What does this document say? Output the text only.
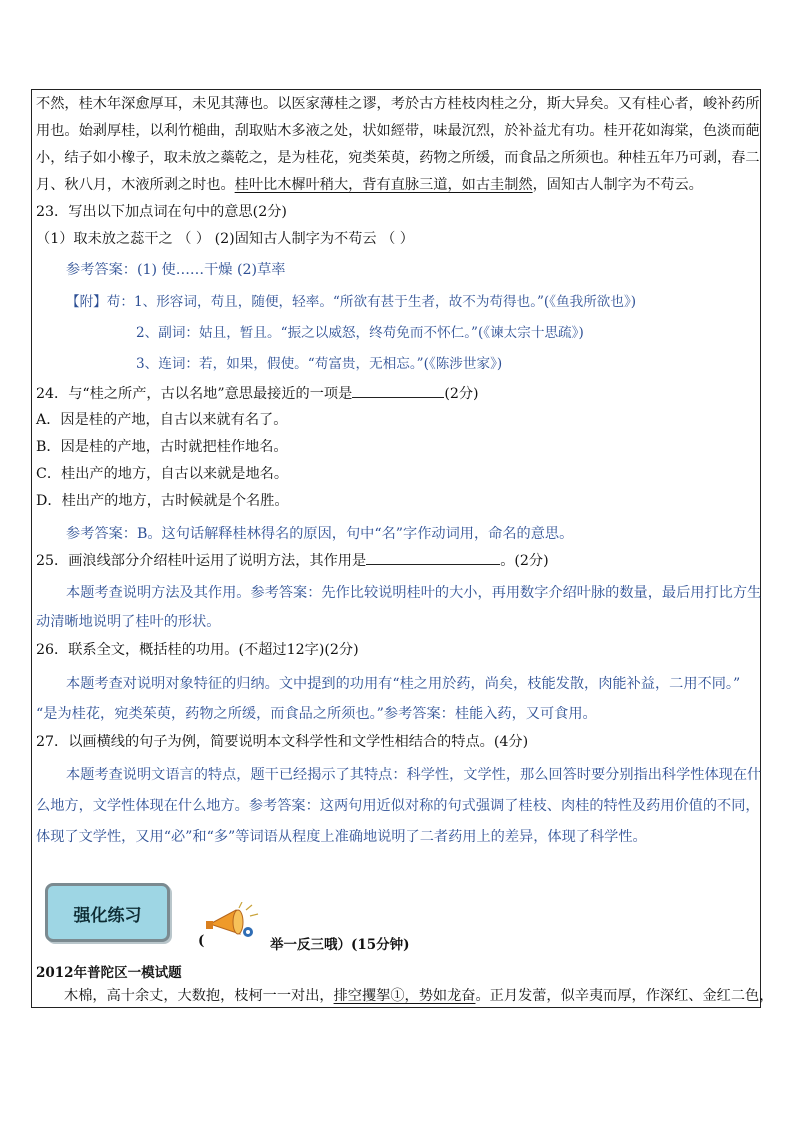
不然，桂木年深愈厚耳，未见其薄也。以医家薄桂之谬，考於古方桂枝肉桂之分，斯大异矣。又有桂心者，峻补药所
用也。始剥厚桂，以利竹槌曲，刮取贴木多液之处，状如經带，味最沉烈，於补益尤有功。桂开花如海棠，色淡而葩
小，结子如小橡子，取未放之蘂乾之，是为桂花，宛类茱萸，药物之所缓，而食品之所须也。种桂五年乃可剥，春二
月、秋八月，木液所剥之时也。桂叶比木樨叶稍大，背有直脉三道，如古圭制然，固知古人制字为不苟云。
23．写出以下加点词在句中的意思(2分)
（1）取未放之蕊干之 （ ） (2)固知古人制字为不苟云 （ ）
参考答案：(1) 使……干燥 (2)草率
【附】苟：1、形容词，苟且，随便，轻率。“所欲有甚于生者，故不为苟得也。”(《鱼我所欲也》)
2、副词：姑且，暂且。“振之以威怒，终苟免而不怀仁。”(《谏太宗十思疏》)
3、连词：若，如果，假使。“苟富贵，无相忘。”(《陈涉世家》)
24．与“桂之所产，古以名地”意思最接近的一项是	(2分)
A．因是桂的产地，自古以来就有名了。
B．因是桂的产地，古时就把桂作地名。
C．桂出产的地方，自古以来就是地名。
D．桂出产的地方，古时候就是个名胜。
参考答案：B。这句话解释桂林得名的原因，句中“名”字作动词用，命名的意思。
25．画浪线部分介绍桂叶运用了说明方法，其作用是	。(2分)
本题考查说明方法及其作用。参考答案：先作比较说明桂叶的大小，再用数字介绍叶脉的数量，最后用打比方生
动清晰地说明了桂叶的形状。
26．联系全文，概括桂的功用。(不超过12字)(2分)
本题考查对说明对象特征的归纳。文中提到的功用有“桂之用於药，尚矣，枝能发散，肉能补益，二用不同。”
“是为桂花，宛类茱萸，药物之所缓，而食品之所须也。”参考答案：桂能入药，又可食用。
27．以画横线的句子为例，简要说明本文科学性和文学性相结合的特点。(4分)
本题考查说明文语言的特点，题干已经揭示了其特点：科学性，文学性，那么回答时要分别指出科学性体现在什
么地方，文学性体现在什么地方。参考答案：这两句用近似对称的句式强调了桂枝、肉桂的特性及药用价值的不同，
体现了文学性，又用“必”和“多”等词语从程度上准确地说明了二者药用上的差异，体现了科学性。
强化练习
(	举一反三哦）(15分钟)
2012年普陀区一模试题
木棉，高十余丈，大数抱，枝柯一一对出，排空攫挐①，势如龙奋。正月发蕾，似辛夷而厚，作深红、金红二色，
